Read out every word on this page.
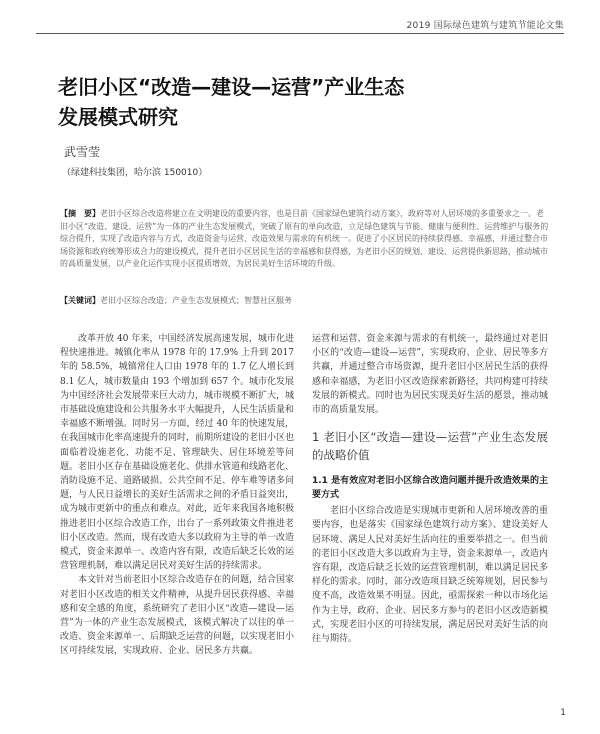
2019 国际绿色建筑与建筑节能论文集
老旧小区“改造—建设—运营”产业生态
发展模式研究
武雪莹
（绿建科技集团，哈尔滨 150010）
【摘　要】老旧小区综合改造将建立在文明建设的重要内容，也是目前《国家绿色建筑行动方案》，政府等对人居环境的多重要求之一。老旧小区“改造、建设、运营”为一体的产业生态发展模式，突破了原有的单向改造，立足绿色建筑与节能、健康与便利性、运营维护与服务的综合提升，实现了改造内容与方式，改造资金与运营、改造效果与需求的有机统一。促进了小区居民的持续获得感、幸福感，并通过整合市场资源和政府统筹形成合力的建设模式，提升老旧小区居民生活的幸福感和获得感，为老旧小区的规划、建设、运营提供新思路，推动城市的高质量发展，以产业化运作实现小区提质增效，为居民美好生活环境的升级。
【关键词】老旧小区综合改造；产业生态发展模式；智慧社区服务

改革开放 40 年来，中国经济发展高速发展，城市化进程快速推进。城镇化率从 1978 年的 17.9% 上升到 2017 年的 58.5%，城镇常住人口由 1978 年的 1.7 亿人增长到 8.1 亿人，城市数量由 193 个增加到 657 个。城市化发展为中国经济社会发展带来巨大动力，城市规模不断扩大，城市基础设施建设和公共服务水平大幅提升，人民生活质量和幸福感不断增强。同时另一方面，经过 40 年的快速发展，在我国城市化率高速提升的同时，前期所建设的老旧小区也面临着设施老化、功能不足、管理缺失、居住环境差等问题。老旧小区存在基础设施老化、供排水管道和线路老化、消防设施不足、道路破损、公共空间不足、停车难等诸多问题，与人民日益增长的美好生活需求之间的矛盾日益突出，成为城市更新中的重点和难点。对此，近年来我国各地积极推进老旧小区综合改造工作，出台了一系列政策文件推进老旧小区改造。然而，现有改造大多以政府为主导的单一改造模式，资金来源单一、改造内容有限，改造后缺乏长效的运营管理机制，难以满足居民对美好生活的持续需求。

本文针对当前老旧小区综合改造存在的问题，结合国家对老旧小区改造的相关文件精神，从提升居民获得感、幸福感和安全感的角度，系统研究了老旧小区“改造—建设—运营”为一体的产业生态发展模式，该模式解决了以往的单一改造、资金来源单一、后期缺乏运营的问题，以实现老旧小区可持续发展，实现政府、企业、居民多方共赢。

运营和运营、资金来源与需求的有机统一，最终通过对老旧小区的“改造—建设—运营”，实现政府、企业、居民等多方共赢，并通过整合市场资源，提升老旧小区居民生活的获得感和幸福感，为老旧小区改造探索新路径，共同构建可持续发展的新模式。同时也为居民实现美好生活的愿景，推动城市的高质量发展。

1 老旧小区“改造—建设—运营”产业生态发展的战略价值
1.1 是有效应对老旧小区综合改造问题并提升改造效果的主要方式

老旧小区综合改造是实现城市更新和人居环境改善的重要内容，也是落实《国家绿色建筑行动方案》、建设美好人居环境、满足人民对美好生活向往的重要举措之一。但当前的老旧小区改造大多以政府为主导，资金来源单一，改造内容有限，改造后缺乏长效的运营管理机制，难以满足居民多样化的需求。同时，部分改造项目缺乏统筹规划，居民参与度不高，改造效果不明显。因此，亟需探索一种以市场化运作为主导，政府、企业、居民多方参与的老旧小区改造新模式，实现老旧小区的可持续发展，满足居民对美好生活的向往与期待。

1
